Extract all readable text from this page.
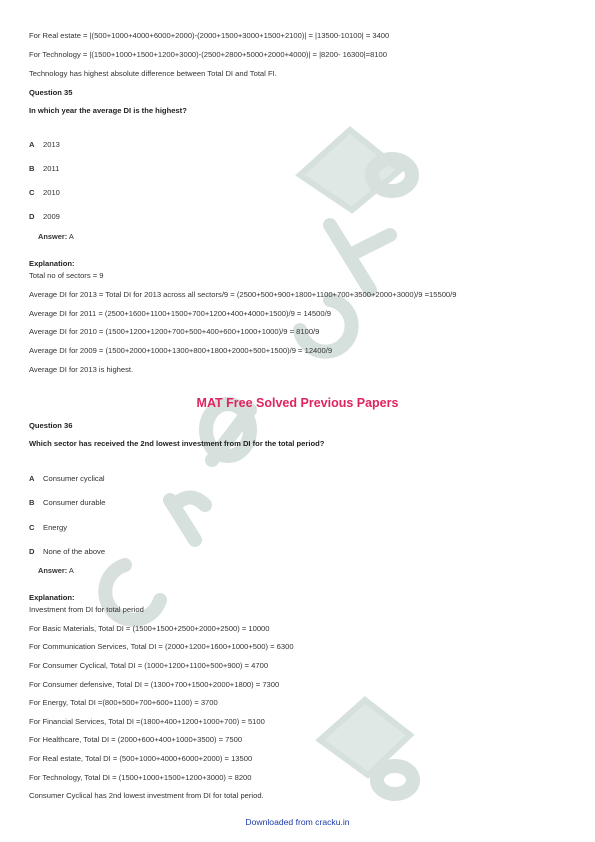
For Real estate = |(500+1000+4000+6000+2000)-(2000+1500+3000+1500+2100)| = |13500-10100| = 3400
For Technology = |(1500+1000+1500+1200+3000)-(2500+2800+5000+2000+4000)| = |8200- 16300|=8100
Technology has highest absolute difference between Total DI and Total FI.
Question 35
In which year the average DI is the highest?
A 2013
B 2011
C 2010
D 2009
Answer: A
Explanation:
Total no of sectors = 9
Average DI for 2013 = Total DI for 2013 across all sectors/9 = (2500+500+900+1800+1100+700+3500+2000+3000)/9 =15500/9
Average DI for 2011 = (2500+1600+1100+1500+700+1200+400+4000+1500)/9 = 14500/9
Average DI for 2010 = (1500+1200+1200+700+500+400+600+1000+1000)/9 = 8100/9
Average DI for 2009 = (1500+2000+1000+1300+800+1800+2000+500+1500)/9 = 12400/9
Average DI for 2013 is highest.
MAT Free Solved Previous Papers
Question 36
Which sector has received the 2nd lowest investment from DI for the total period?
A Consumer cyclical
B Consumer durable
C Energy
D None of the above
Answer: A
Explanation:
Investment from DI for total period
For Basic Materials, Total DI = (1500+1500+2500+2000+2500) = 10000
For Communication Services, Total DI = (2000+1200+1600+1000+500) = 6300
For Consumer Cyclical, Total DI = (1000+1200+1100+500+900) = 4700
For Consumer defensive, Total DI = (1300+700+1500+2000+1800) = 7300
For Energy, Total DI =(800+500+700+600+1100) = 3700
For Financial Services, Total DI =(1800+400+1200+1000+700) = 5100
For Healthcare, Total DI = (2000+600+400+1000+3500) = 7500
For Real estate, Total DI = (500+1000+4000+6000+2000) = 13500
For Technology, Total DI = (1500+1000+1500+1200+3000) = 8200
Consumer Cyclical has 2nd lowest investment from DI for total period.
Downloaded from cracku.in
